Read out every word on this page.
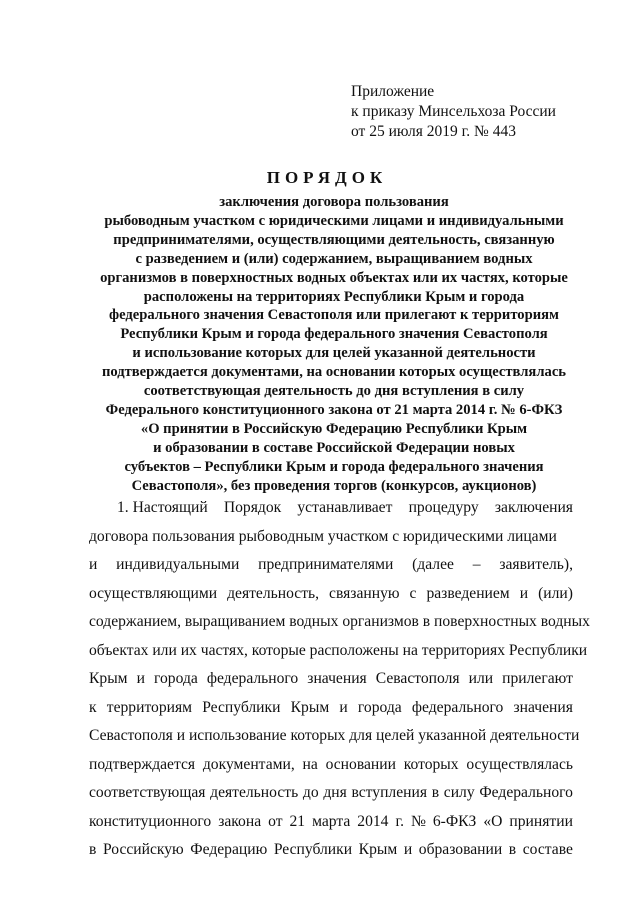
Приложение
к приказу Минсельхоза России
от 25 июля 2019 г. № 443
ПОРЯДОК
заключения договора пользования
рыбоводным участком с юридическими лицами и индивидуальными
предпринимателями, осуществляющими деятельность, связанную
с разведением и (или) содержанием, выращиванием водных
организмов в поверхностных водных объектах или их частях, которые
расположены на территориях Республики Крым и города
федерального значения Севастополя или прилегают к территориям
Республики Крым и города федерального значения Севастополя
и использование которых для целей указанной деятельности
подтверждается документами, на основании которых осуществлялась
соответствующая деятельность до дня вступления в силу
Федерального конституционного закона от 21 марта 2014 г. № 6-ФКЗ
«О принятии в Российскую Федерацию Республики Крым
и образовании в составе Российской Федерации новых
субъектов – Республики Крым и города федерального значения
Севастополя», без проведения торгов (конкурсов, аукционов)
1. Настоящий Порядок устанавливает процедуру заключения
договора пользования рыбоводным участком с юридическими лицами
и индивидуальными предпринимателями (далее – заявитель),
осуществляющими деятельность, связанную с разведением и (или)
содержанием, выращиванием водных организмов в поверхностных водных
объектах или их частях, которые расположены на территориях Республики
Крым и города федерального значения Севастополя или прилегают
к территориям Республики Крым и города федерального значения
Севастополя и использование которых для целей указанной деятельности
подтверждается документами, на основании которых осуществлялась
соответствующая деятельность до дня вступления в силу Федерального
конституционного закона от 21 марта 2014 г. № 6-ФКЗ «О принятии
в Российскую Федерацию Республики Крым и образовании в составе
